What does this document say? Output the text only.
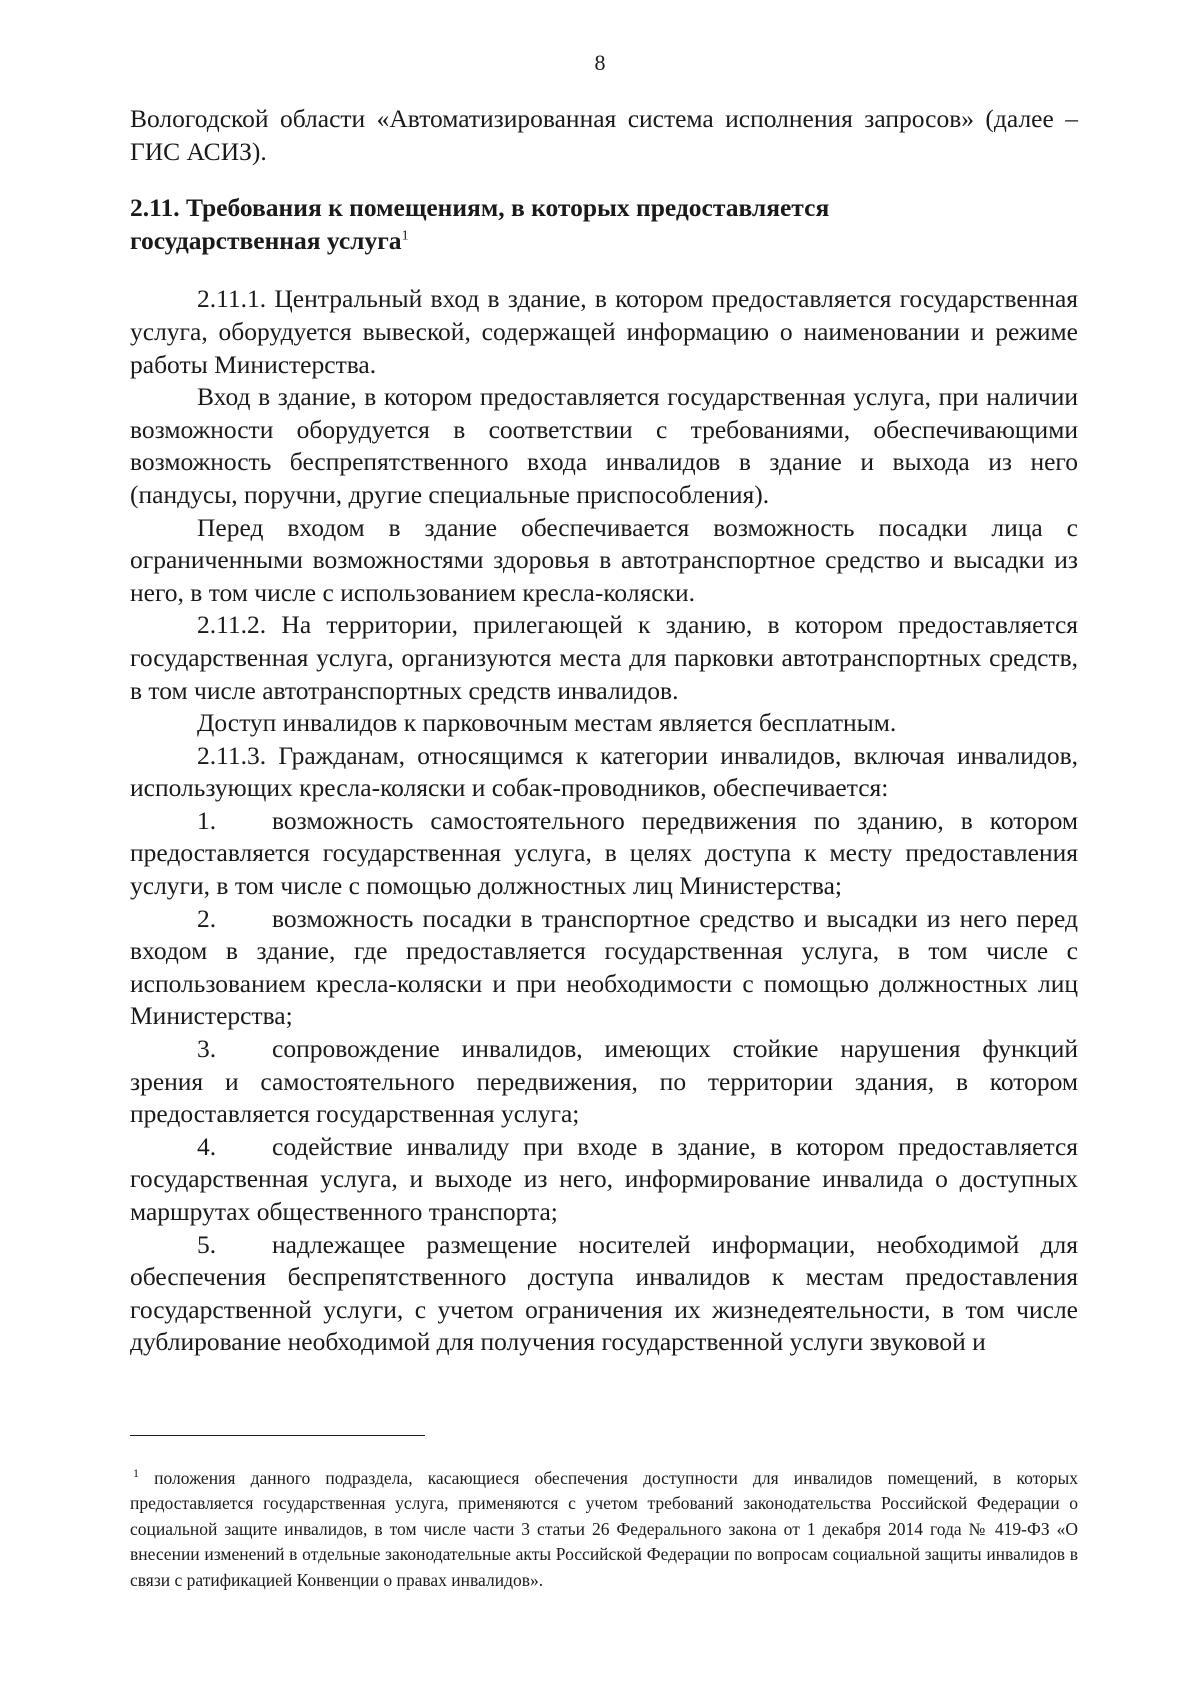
8

Вологодской области «Автоматизированная система исполнения запросов» (далее – ГИС АСИЗ).

2.11. Требования к помещениям, в которых предоставляется
государственная услуга$^1$

2.11.1. Центральный вход в здание, в котором предоставляется государственная услуга, оборудуется вывеской, содержащей информацию о наименовании и режиме работы Министерства.

Вход в здание, в котором предоставляется государственная услуга, при наличии возможности оборудуется в соответствии с требованиями, обеспечивающими возможность беспрепятственного входа инвалидов в здание и выхода из него (пандусы, поручни, другие специальные приспособления).

Перед входом в здание обеспечивается возможность посадки лица с ограниченными возможностями здоровья в автотранспортное средство и высадки из него, в том числе с использованием кресла-коляски.

2.11.2. На территории, прилегающей к зданию, в котором предоставляется государственная услуга, организуются места для парковки автотранспортных средств, в том числе автотранспортных средств инвалидов.

Доступ инвалидов к парковочным местам является бесплатным.

2.11.3. Гражданам, относящимся к категории инвалидов, включая инвалидов, использующих кресла-коляски и собак-проводников, обеспечивается:

1. возможность самостоятельного передвижения по зданию, в котором предоставляется государственная услуга, в целях доступа к месту предоставления услуги, в том числе с помощью должностных лиц Министерства;

2. возможность посадки в транспортное средство и высадки из него перед входом в здание, где предоставляется государственная услуга, в том числе с использованием кресла-коляски и при необходимости с помощью должностных лиц Министерства;

3. сопровождение инвалидов, имеющих стойкие нарушения функций зрения и самостоятельного передвижения, по территории здания, в котором предоставляется государственная услуга;

4. содействие инвалиду при входе в здание, в котором предоставляется государственная услуга, и выходе из него, информирование инвалида о доступных маршрутах общественного транспорта;

5. надлежащее размещение носителей информации, необходимой для обеспечения беспрепятственного доступа инвалидов к местам предоставления государственной услуги, с учетом ограничения их жизнедеятельности, в том числе дублирование необходимой для получения государственной услуги звуковой и

$^1$ положения данного подраздела, касающиеся обеспечения доступности для инвалидов помещений, в которых предоставляется государственная услуга, применяются с учетом требований законодательства Российской Федерации о социальной защите инвалидов, в том числе части 3 статьи 26 Федерального закона от 1 декабря 2014 года № 419-ФЗ «О внесении изменений в отдельные законодательные акты Российской Федерации по вопросам социальной защиты инвалидов в связи с ратификацией Конвенции о правах инвалидов».
